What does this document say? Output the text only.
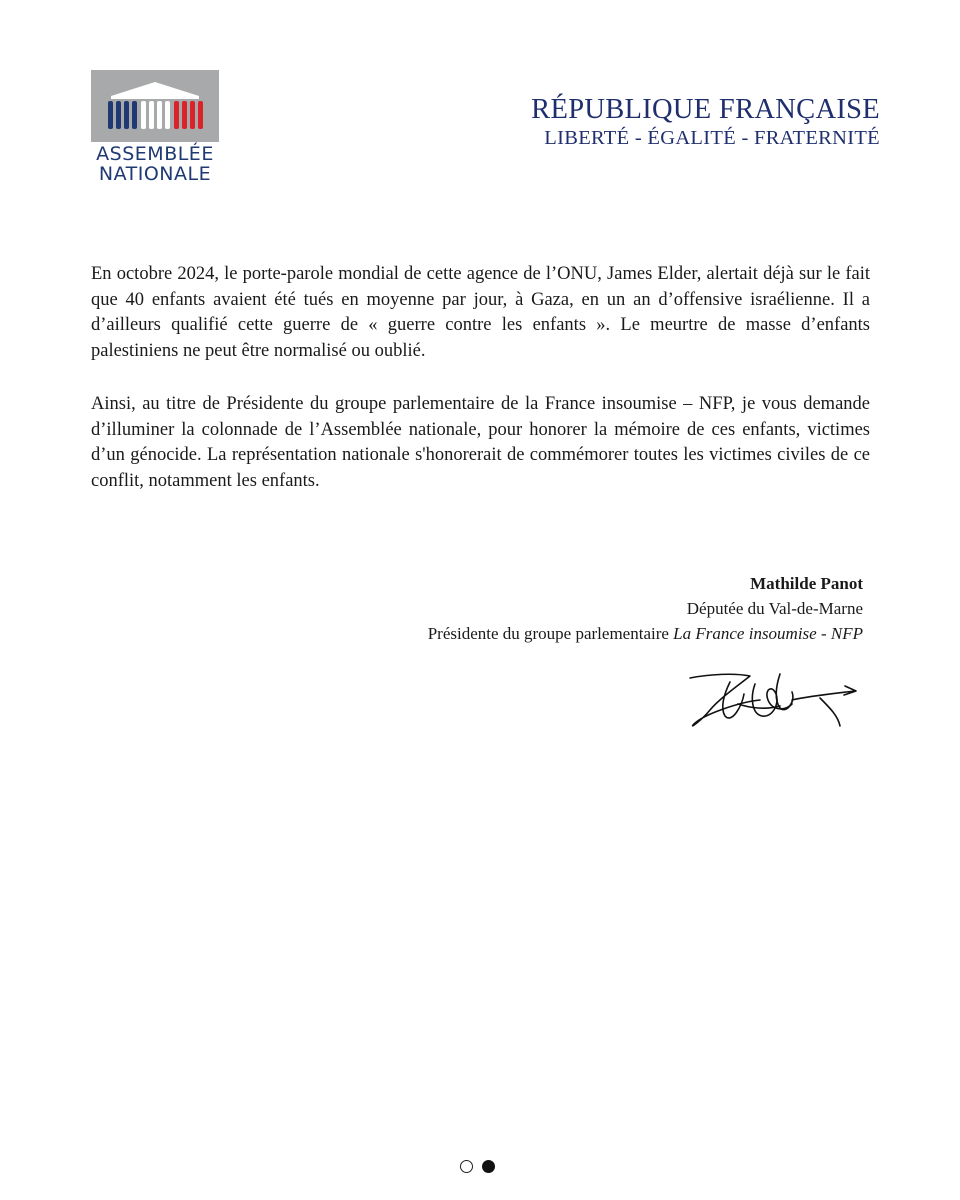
ASSEMBLÉE
NATIONALE
RÉPUBLIQUE FRANÇAISE
LIBERTÉ - ÉGALITÉ - FRATERNITÉ
En octobre 2024, le porte-parole mondial de cette agence de l’ONU, James Elder, alertait déjà sur le fait que 40 enfants avaient été tués en moyenne par jour, à Gaza, en un an d’offensive israélienne. Il a d’ailleurs qualifié cette guerre de « guerre contre les enfants ». Le meurtre de masse d’enfants palestiniens ne peut être normalisé ou oublié.
Ainsi, au titre de Présidente du groupe parlementaire de la France insoumise – NFP, je vous demande d’illuminer la colonnade de l’Assemblée nationale, pour honorer la mémoire de ces enfants, victimes d’un génocide. La représentation nationale s'honorerait de commémorer toutes les victimes civiles de ce conflit, notamment les enfants.
Mathilde Panot
Députée du Val-de-Marne
Présidente du groupe parlementaire La France insoumise - NFP
